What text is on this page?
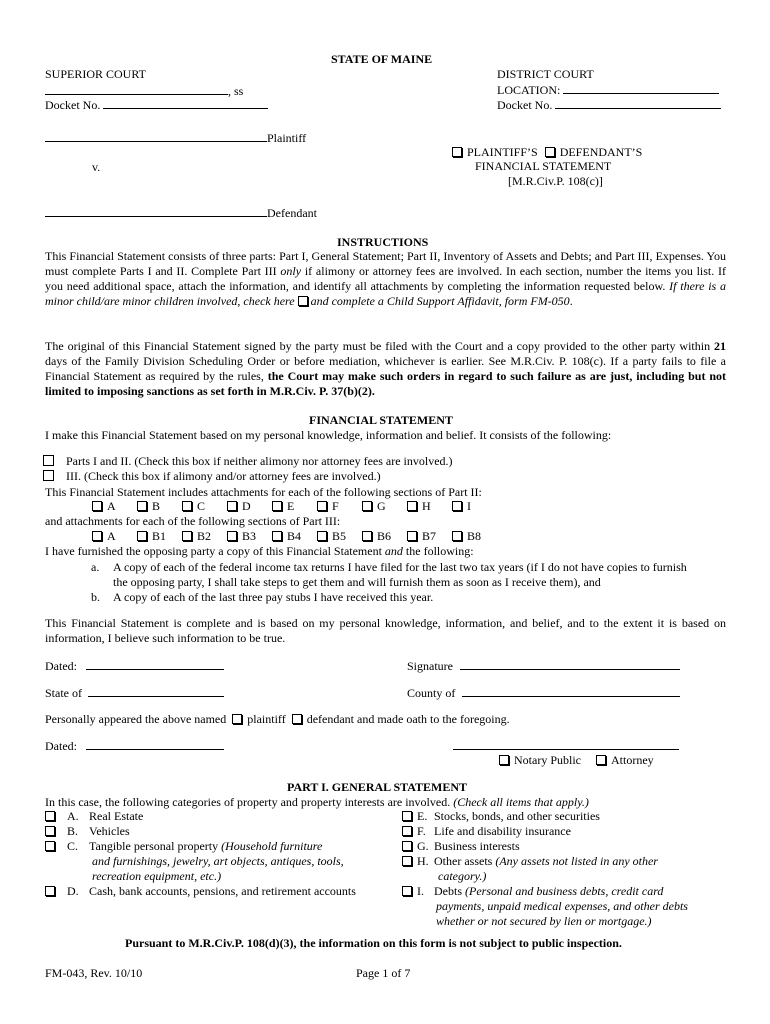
STATE OF MAINE
SUPERIOR COURT
, ss
Docket No.
DISTRICT COURT
LOCATION:
Docket No.
Plaintiff
v.
Defendant
PLAINTIFF’S DEFENDANT’S
FINANCIAL STATEMENT
[M.R.Civ.P. 108(c)]
INSTRUCTIONS
This Financial Statement consists of three parts: Part I, General Statement; Part II, Inventory of Assets and Debts; and Part III, Expenses. You must complete Parts I and II. Complete Part III only if alimony or attorney fees are involved. In each section, number the items you list. If you need additional space, attach the information, and identify all attachments by completing the information requested below. If there is a minor child/are minor children involved, check here  and complete a Child Support Affidavit, form FM-050.
The original of this Financial Statement signed by the party must be filed with the Court and a copy provided to the other party within 21 days of the Family Division Scheduling Order or before mediation, whichever is earlier. See M.R.Civ. P. 108(c). If a party fails to file a Financial Statement as required by the rules, the Court may make such orders in regard to such failure as are just, including but not limited to imposing sanctions as set forth in M.R.Civ. P. 37(b)(2).
FINANCIAL STATEMENT
I make this Financial Statement based on my personal knowledge, information and belief. It consists of the following:
Parts I and II. (Check this box if neither alimony nor attorney fees are involved.)
III. (Check this box if alimony and/or attorney fees are involved.)
This Financial Statement includes attachments for each of the following sections of Part II:
A	B	C	D	E	F	G	H	I
and attachments for each of the following sections of Part III:
A	B1	B2	B3	B4	B5	B6	B7	B8
I have furnished the opposing party a copy of this Financial Statement and the following:
a. A copy of each of the federal income tax returns I have filed for the last two tax years (if I do not have copies to furnish
the opposing party, I shall take steps to get them and will furnish them as soon as I receive them), and
b. A copy of each of the last three pay stubs I have received this year.
This Financial Statement is complete and is based on my personal knowledge, information, and belief, and to the extent it is based on information, I believe such information to be true.
Dated:	Signature
State of	County of
Personally appeared the above named plaintiff defendant and made oath to the foregoing.
Dated:
Notary Public	Attorney
PART I. GENERAL STATEMENT
In this case, the following categories of property and property interests are involved. (Check all items that apply.)
A. Real Estate
B. Vehicles
C. Tangible personal property (Household furniture
and furnishings, jewelry, art objects, antiques, tools,
recreation equipment, etc.)
D. Cash, bank accounts, pensions, and retirement accounts
E. Stocks, bonds, and other securities
F. Life and disability insurance
G. Business interests
H. Other assets (Any assets not listed in any other
category.)
I. Debts (Personal and business debts, credit card
payments, unpaid medical expenses, and other debts
whether or not secured by lien or mortgage.)
Pursuant to M.R.Civ.P. 108(d)(3), the information on this form is not subject to public inspection.
FM-043, Rev. 10/10	Page 1 of 7
